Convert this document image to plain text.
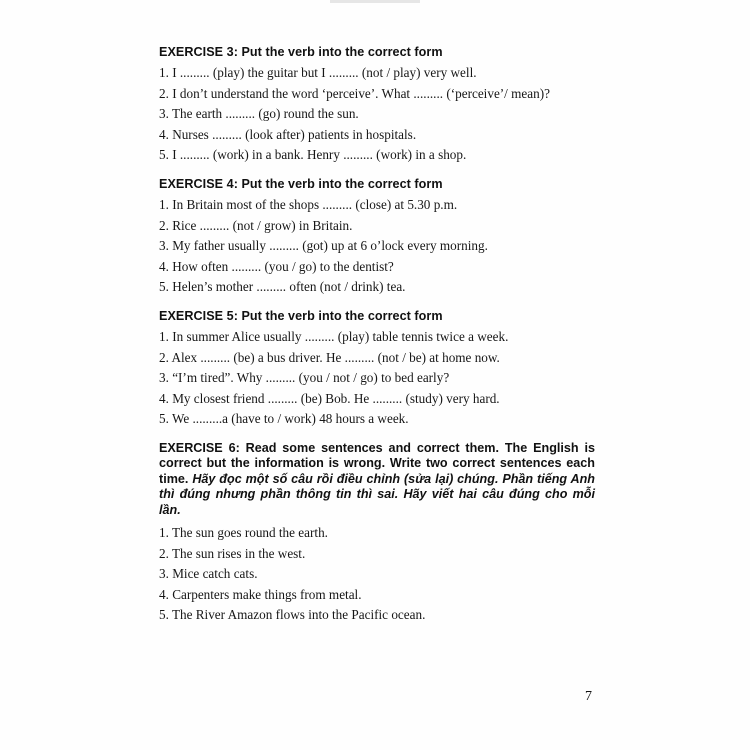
EXERCISE 3: Put the verb into the correct form
1. I ......... (play) the guitar but I ......... (not / play) very well.
2. I don’t understand the word ‘perceive’. What ......... (‘perceive’/ mean)?
3. The earth ......... (go) round the sun.
4. Nurses ......... (look after) patients in hospitals.
5. I ......... (work) in a bank. Henry ......... (work) in a shop.
EXERCISE 4: Put the verb into the correct form
1. In Britain most of the shops ......... (close) at 5.30 p.m.
2. Rice ......... (not / grow) in Britain.
3. My father usually ......... (got) up at 6 o’lock every morning.
4. How often ......... (you / go) to the dentist?
5. Helen’s mother ......... often (not / drink) tea.
EXERCISE 5: Put the verb into the correct form
1. In summer Alice usually ......... (play) table tennis twice a week.
2. Alex ......... (be) a bus driver. He ......... (not / be) at home now.
3. “I’m tired”. Why ......... (you / not / go) to bed early?
4. My closest friend ......... (be) Bob. He ......... (study) very hard.
5. We .........a (have to / work) 48 hours a week.
EXERCISE 6: Read some sentences and correct them. The English is correct but the information is wrong. Write two correct sentences each time. Hãy đọc một số câu rồi điều chỉnh (sửa lại) chúng. Phần tiếng Anh thì đúng nhưng phần thông tin thì sai. Hãy viết hai câu đúng cho mỗi lần.
1. The sun goes round the earth.
2. The sun rises in the west.
3. Mice catch cats.
4. Carpenters make things from metal.
5. The River Amazon flows into the Pacific ocean.
7
